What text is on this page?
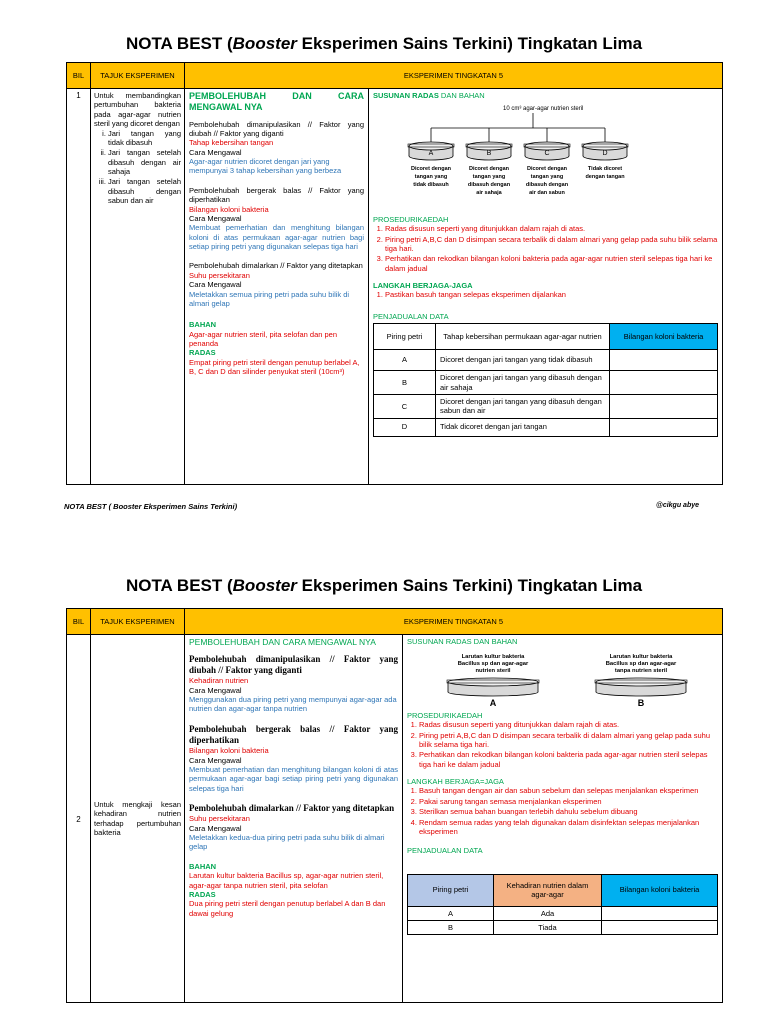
NOTA BEST (Booster Eksperimen Sains Terkini) Tingkatan Lima
BIL	TAJUK EKSPERIMEN	EKSPERIMEN TINGKATAN 5
1	Untuk membandingkan pertumbuhan bakteria pada agar-agar nutrien steril yang dicoret dengan
i. Jari tangan yang tidak dibasuh
ii. Jari tangan setelah dibasuh dengan air sahaja
iii. Jari tangan setelah dibasuh dengan sabun dan air

PEMBOLEHUBAH DAN CARA MENGAWAL NYA
Pembolehubah dimanipulasikan // Faktor yang diubah // Faktor yang diganti
Tahap kebersihan tangan
Cara Mengawal
Agar-agar nutrien dicoret dengan jari yang mempunyai 3 tahap kebersihan yang berbeza
Pembolehubah bergerak balas // Faktor yang diperhatikan
Bilangan koloni bakteria
Cara Mengawal
Membuat pemerhatian dan menghitung bilangan koloni di atas permukaan agar-agar nutrien bagi setiap piring petri yang digunakan selepas tiga hari
Pembolehubah dimalarkan // Faktor yang ditetapkan
Suhu persekitaran
Cara Mengawal
Meletakkan semua piring petri pada suhu bilik di almari gelap
BAHAN
Agar-agar nutrien steril, pita selofan dan pen penanda
RADAS
Empat piring petri steril dengan penutup berlabel A, B, C dan D dan silinder penyukat steril (10cm³)

SUSUNAN RADAS DAN BAHAN
10 cm³ agar-agar nutrien steril
A
Dicoret dengan
tangan yang
tidak dibasuh
B
Dicoret dengan
tangan yang
dibasuh dengan
air sahaja
C
Dicoret dengan
tangan yang
dibasuh dengan
air dan sabun
D
Tidak dicoret
dengan tangan
PROSEDURIKAEDAH
1. Radas disusun seperti yang ditunjukkan dalam rajah di atas.
2. Piring petri A,B,C dan D disimpan secara terbalik di dalam almari yang gelap pada suhu bilik selama tiga hari.
3. Perhatikan dan rekodkan bilangan koloni bakteria pada agar-agar nutrien steril selepas tiga hari ke dalam jadual
LANGKAH BERJAGA-JAGA
1. Pastikan basuh tangan selepas eksperimen dijalankan
PENJADUALAN DATA
Piring petri	Tahap kebersihan permukaan agar-agar nutrien	Bilangan koloni bakteria
A	Dicoret dengan jari tangan yang tidak dibasuh	
B	Dicoret dengan jari tangan yang dibasuh dengan air sahaja	
C	Dicoret dengan jari tangan yang dibasuh dengan sabun dan air	
D	Tidak dicoret dengan jari tangan	
NOTA BEST ( Booster Eksperimen Sains Terkini)	@cikgu abye
NOTA BEST (Booster Eksperimen Sains Terkini) Tingkatan Lima
BIL	TAJUK EKSPERIMEN	EKSPERIMEN TINGKATAN 5
2	Untuk mengkaji kesan kehadiran nutrien terhadap pertumbuhan bakteria	
PEMBOLEHUBAH DAN CARA MENGAWAL NYA
Pembolehubah dimanipulasikan // Faktor yang diubah // Faktor yang diganti
Kehadiran nutrien
Cara Mengawal
Menggunakan dua piring petri yang mempunyai agar-agar ada nutrien dan agar-agar tanpa nutrien
Pembolehubah bergerak balas // Faktor yang diperhatikan
Bilangan koloni bakteria
Cara Mengawal
Membuat pemerhatian dan menghitung bilangan koloni di atas permukaan agar-agar bagi setiap piring petri yang digunakan selepas tiga hari
Pembolehubah dimalarkan // Faktor yang ditetapkan
Suhu persekitaran
Cara Mengawal
Meletakkan kedua-dua piring petri pada suhu bilik di almari gelap
BAHAN
Larutan kultur bakteria Bacillus sp, agar-agar nutrien steril, agar-agar tanpa nutrien steril, pita selofan
RADAS
Dua piring petri steril dengan penutup berlabel A dan B dan dawai gelung

SUSUNAN RADAS DAN BAHAN
Larutan kultur bakteria
Bacillus sp dan agar-agar
nutrien steril
A
Larutan kultur bakteria
Bacillus sp dan agar-agar
tanpa nutrien steril
B
PROSEDURIKAEDAH
1. Radas disusun seperti yang ditunjukkan dalam rajah di atas.
2. Piring petri A,B,C dan D disimpan secara terbalik di dalam almari yang gelap pada suhu bilik selama tiga hari.
3. Perhatikan dan rekodkan bilangan koloni bakteria pada agar-agar nutrien steril selepas tiga hari ke dalam jadual
LANGKAH BERJAGA=JAGA
1. Basuh tangan dengan air dan sabun sebelum dan selepas menjalankan eksperimen
2. Pakai sarung tangan semasa menjalankan eksperimen
3. Sterilkan semua bahan buangan terlebih dahulu sebelum dibuang
4. Rendam semua radas yang telah digunakan dalam disinfektan selepas menjalankan eksperimen
PENJADUALAN DATA
Piring petri	Kehadiran nutrien dalam agar-agar	Bilangan koloni bakteria
A	Ada	
B	Tiada	
